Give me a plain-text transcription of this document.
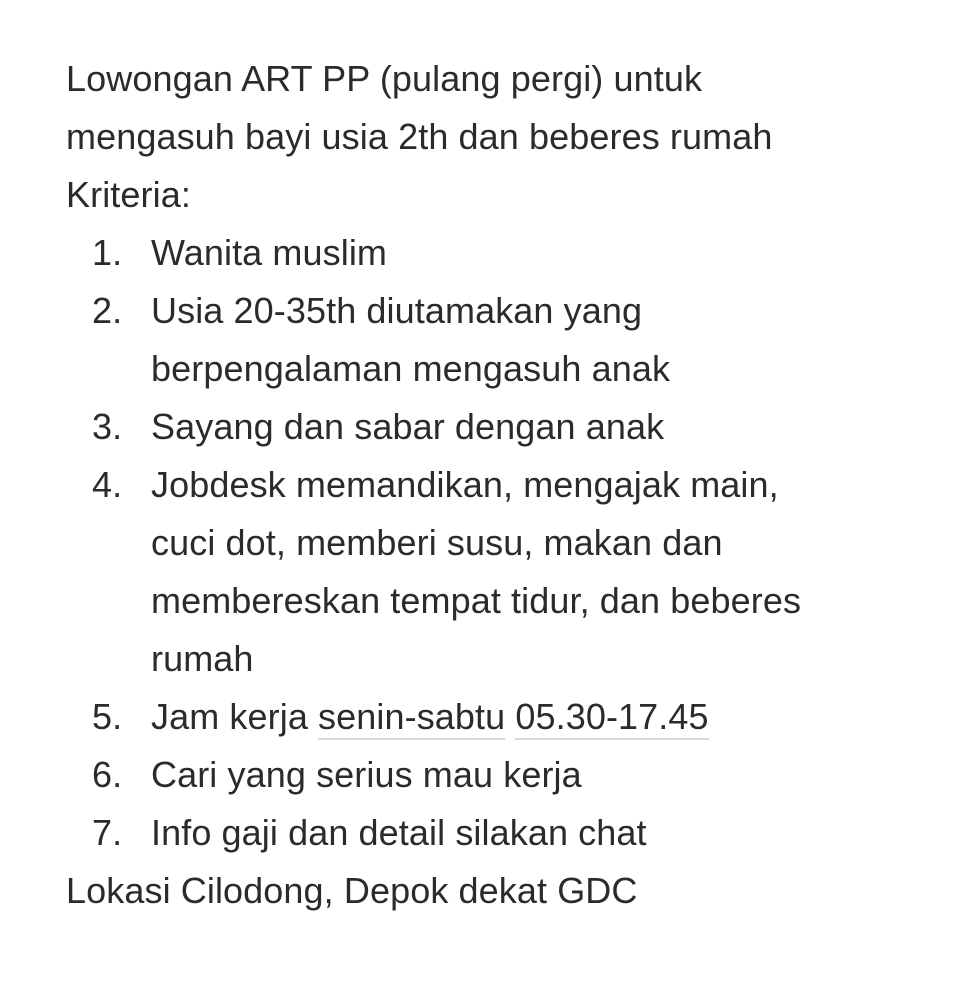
Lowongan ART PP (pulang pergi) untuk
mengasuh bayi usia 2th dan beberes rumah
Kriteria:
1. Wanita muslim
2. Usia 20-35th diutamakan yang
berpengalaman mengasuh anak
3. Sayang dan sabar dengan anak
4. Jobdesk memandikan, mengajak main,
cuci dot, memberi susu, makan dan
membereskan tempat tidur, dan beberes
rumah
5. Jam kerja senin-sabtu 05.30-17.45
6. Cari yang serius mau kerja
7. Info gaji dan detail silakan chat
Lokasi Cilodong, Depok dekat GDC
